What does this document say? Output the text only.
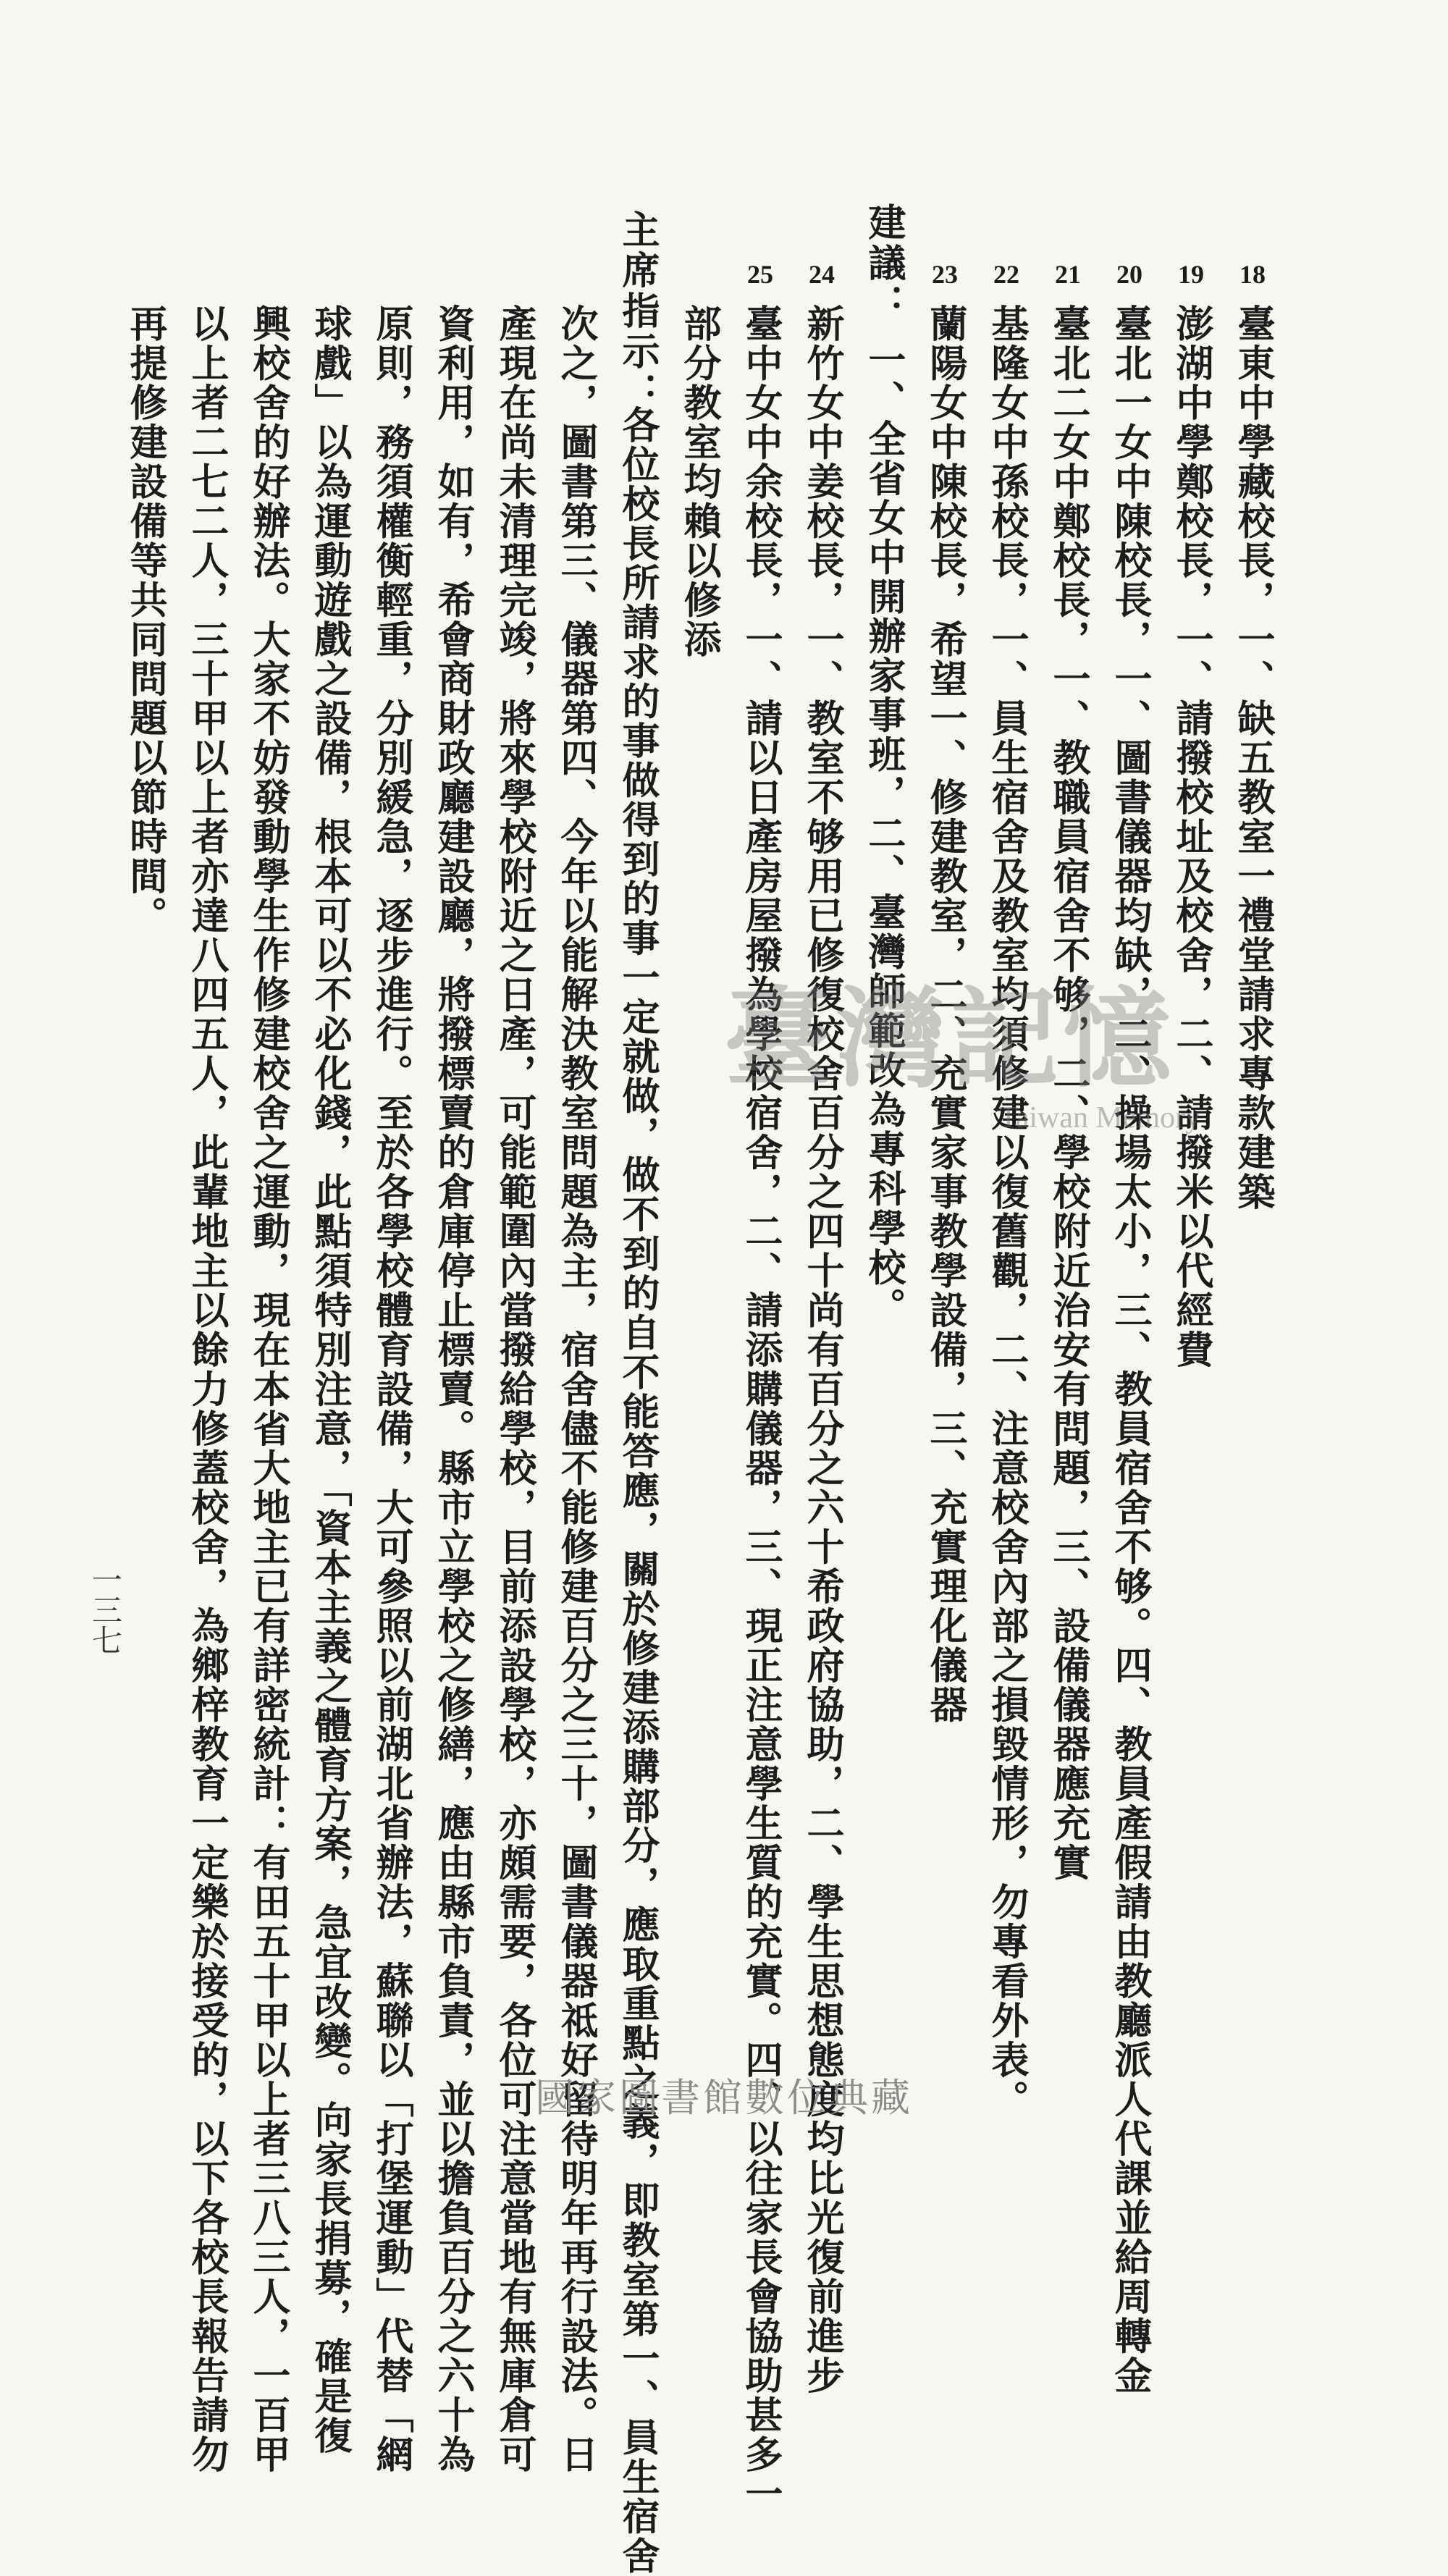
18
臺東中學藏校長，一、缺五教室一禮堂請求專款建築
19
澎湖中學鄭校長，一、請撥校址及校舍，二、請撥米以代經費
20
臺北一女中陳校長，一、圖書儀器均缺，二、操場太小，三、教員宿舍不够。四、教員產假請由教廳派人代課並給周轉金
21
臺北二女中鄭校長，一、教職員宿舍不够，二、學校附近治安有問題，三、設備儀器應充實
22
基隆女中孫校長，一、員生宿舍及教室均須修建以復舊觀，二、注意校舍內部之損毀情形，勿專看外表。
23
蘭陽女中陳校長，希望一、修建教室，二、充實家事教學設備，三、充實理化儀器
建議：
一、全省女中開辦家事班，二、臺灣師範改為專科學校。
24
新竹女中姜校長，一、教室不够用已修復校舍百分之四十尚有百分之六十希政府協助，二、學生思想態度均比光復前進步
25
臺中女中余校長，一、請以日產房屋撥為學校宿舍，二、請添購儀器，三、現正注意學生質的充實。四、以往家長會協助甚多一
部分教室均賴以修添
主席指示：
各位校長所請求的事做得到的事一定就做，做不到的自不能答應，關於修建添購部分，應取重點之義，即教室第一、員生宿舍
次之，圖書第三、儀器第四、今年以能解決教室問題為主，宿舍儘不能修建百分之三十，圖書儀器祗好留待明年再行設法。日
產現在尚未清理完竣，將來學校附近之日產，可能範圍內當撥給學校，目前添設學校，亦頗需要，各位可注意當地有無庫倉可
資利用，如有，希會商財政廳建設廳，將撥標賣的倉庫停止標賣。縣市立學校之修繕，應由縣市負責，並以擔負百分之六十為
原則，務須權衡輕重，分別緩急，逐步進行。至於各學校體育設備，大可參照以前湖北省辦法，蘇聯以「打堡運動」代替「網
球戲」以為運動遊戲之設備，根本可以不必化錢，此點須特別注意，「資本主義之體育方案，急宜改變。向家長捐募，確是復
興校舍的好辦法。大家不妨發動學生作修建校舍之運動，現在本省大地主已有詳密統計：有田五十甲以上者三八三人，一百甲
以上者二七二人，三十甲以上者亦達八四五人，此輩地主以餘力修蓋校舍，為鄉梓教育一定樂於接受的，以下各校長報告請勿
再提修建設備等共同問題以節時間。
一三七
臺灣記憶
Taiwan Memory
國家圖書館數位典藏
